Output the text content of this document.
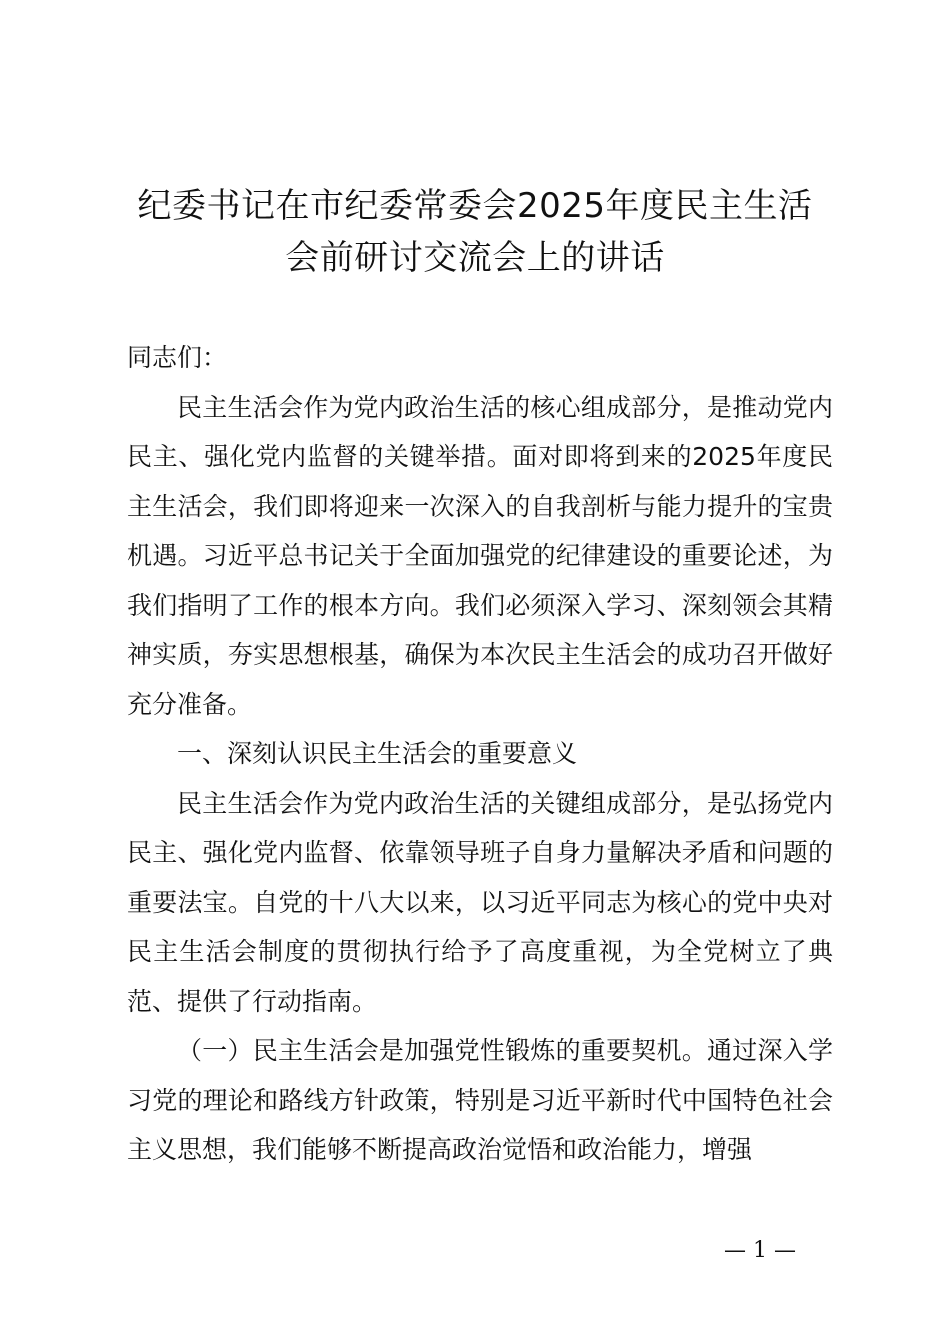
纪委书记在市纪委常委会2025年度民主生活
会前研讨交流会上的讲话

同志们：

民主生活会作为党内政治生活的核心组成部分，是推动党内民主、强化党内监督的关键举措。面对即将到来的2025年度民主生活会，我们即将迎来一次深入的自我剖析与能力提升的宝贵机遇。习近平总书记关于全面加强党的纪律建设的重要论述，为我们指明了工作的根本方向。我们必须深入学习、深刻领会其精神实质，夯实思想根基，确保为本次民主生活会的成功召开做好充分准备。

一、深刻认识民主生活会的重要意义

民主生活会作为党内政治生活的关键组成部分，是弘扬党内民主、强化党内监督、依靠领导班子自身力量解决矛盾和问题的重要法宝。自党的十八大以来，以习近平同志为核心的党中央对民主生活会制度的贯彻执行给予了高度重视，为全党树立了典范、提供了行动指南。

（一）民主生活会是加强党性锻炼的重要契机。通过深入学习党的理论和路线方针政策，特别是习近平新时代中国特色社会主义思想，我们能够不断提高政治觉悟和政治能力，增强

— 1 —
